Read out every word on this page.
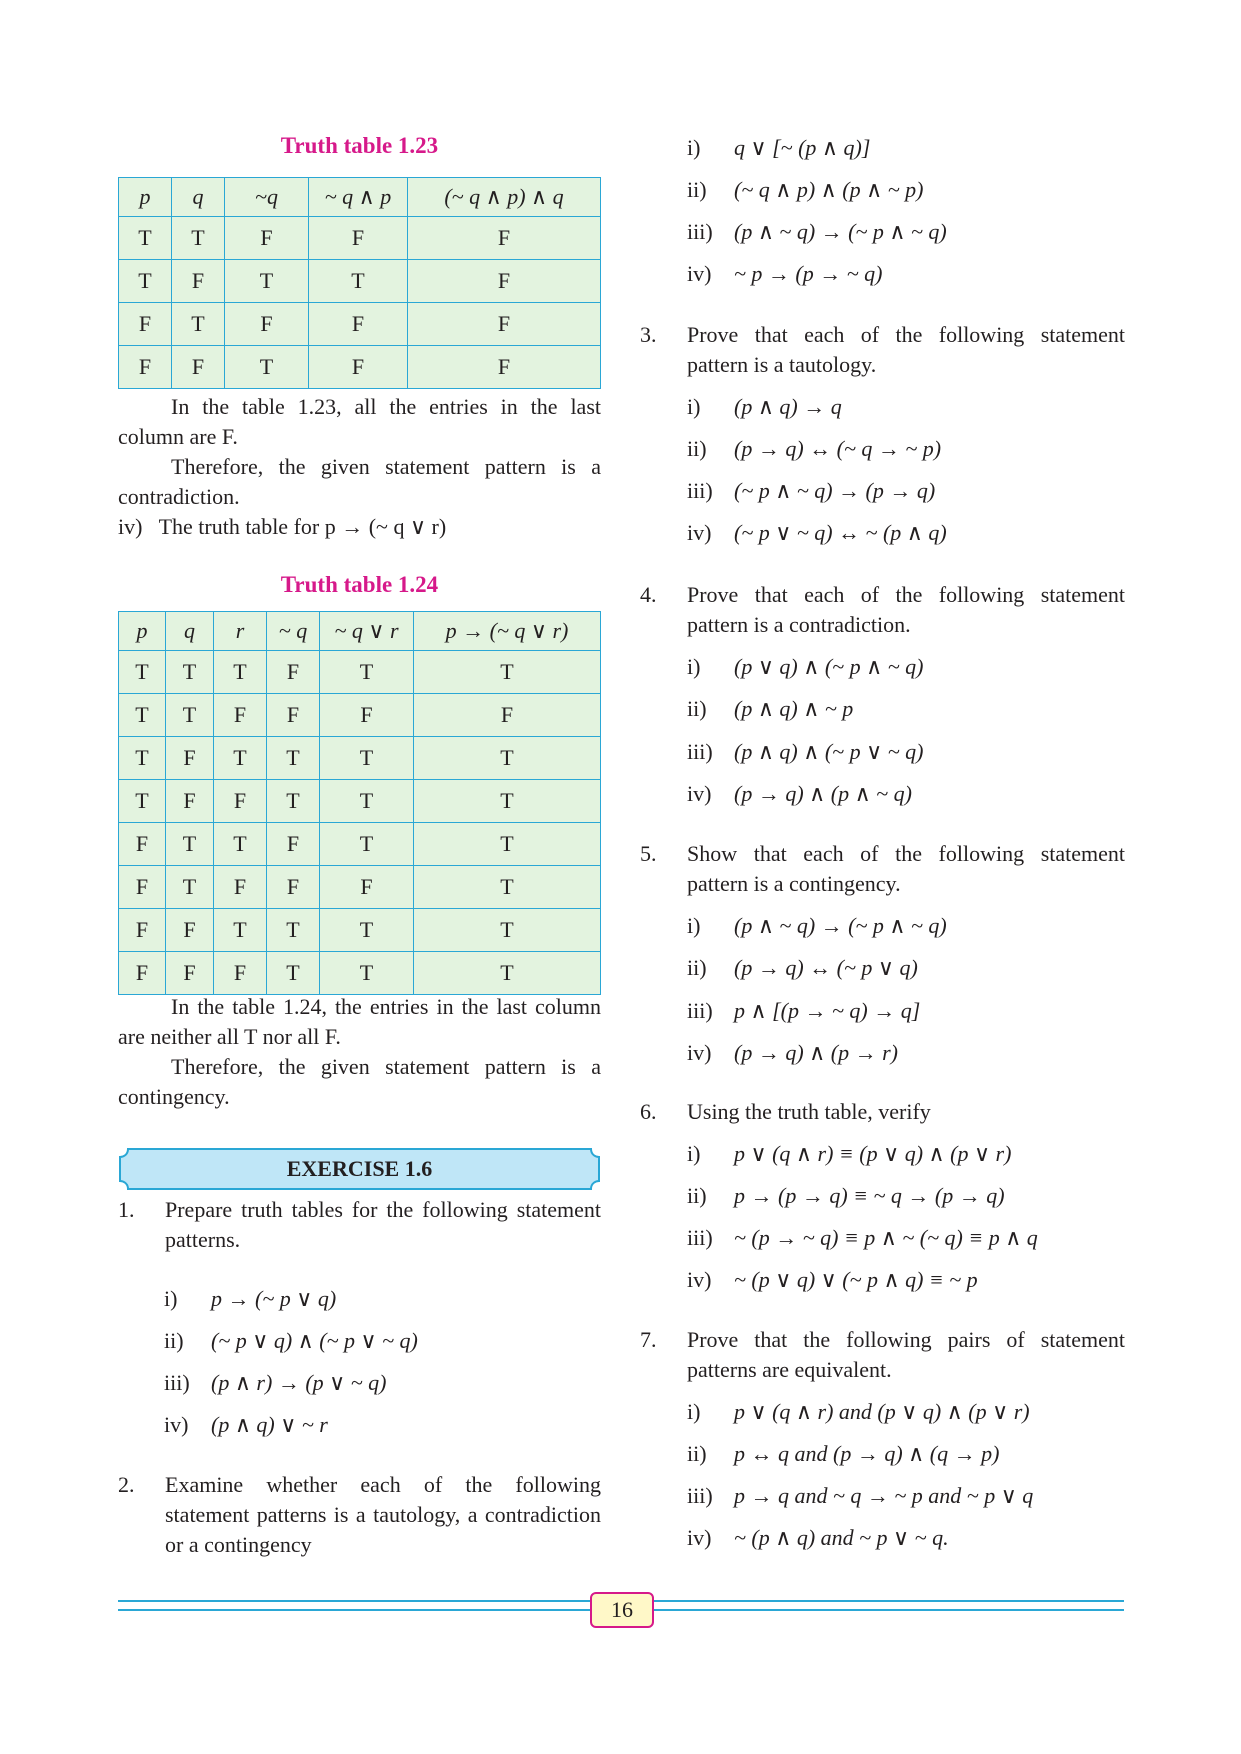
Truth table 1.23
p	q	~q	~ q ∧ p	(~ q ∧ p) ∧ q
T	T	F	F	F
T	F	T	T	F
F	T	F	F	F
F	F	T	F	F
In the table 1.23, all the entries in the last column are F.
Therefore, the given statement pattern is a contradiction.
iv) The truth table for p → (~ q ∨ r)
Truth table 1.24
p	q	r	~ q	~ q ∨ r	p → (~ q ∨ r)
T	T	T	F	T	T
T	T	F	F	F	F
T	F	T	T	T	T
T	F	F	T	T	T
F	T	T	F	T	T
F	T	F	F	F	T
F	F	T	T	T	T
F	F	F	T	T	T
In the table 1.24, the entries in the last column are neither all T nor all F.
Therefore, the given statement pattern is a contingency.
EXERCISE 1.6
1. Prepare truth tables for the following statement patterns.
i) p → (~ p ∨ q)
ii) (~ p ∨ q) ∧ (~ p ∨ ~ q)
iii) (p ∧ r) → (p ∨ ~ q)
iv) (p ∧ q) ∨ ~ r
2. Examine whether each of the following statement patterns is a tautology, a contradiction or a contingency
i) q ∨ [~ (p ∧ q)]
ii) (~ q ∧ p) ∧ (p ∧ ~ p)
iii) (p ∧ ~ q) → (~ p ∧ ~ q)
iv) ~ p → (p → ~ q)
3. Prove that each of the following statement pattern is a tautology.
i) (p ∧ q) → q
ii) (p → q) ↔ (~ q → ~ p)
iii) (~ p ∧ ~ q) → (p → q)
iv) (~ p ∨ ~ q) ↔ ~ (p ∧ q)
4. Prove that each of the following statement pattern is a contradiction.
i) (p ∨ q) ∧ (~ p ∧ ~ q)
ii) (p ∧ q) ∧ ~ p
iii) (p ∧ q) ∧ (~ p ∨ ~ q)
iv) (p → q) ∧ (p ∧ ~ q)
5. Show that each of the following statement pattern is a contingency.
i) (p ∧ ~ q) → (~ p ∧ ~ q)
ii) (p → q) ↔ (~ p ∨ q)
iii) p ∧ [(p → ~ q) → q]
iv) (p → q) ∧ (p → r)
6. Using the truth table, verify
i) p ∨ (q ∧ r) ≡ (p ∨ q) ∧ (p ∨ r)
ii) p → (p → q) ≡ ~ q → (p → q)
iii) ~ (p → ~ q) ≡ p ∧ ~ (~ q) ≡ p ∧ q
iv) ~ (p ∨ q) ∨ (~ p ∧ q) ≡ ~ p
7. Prove that the following pairs of statement patterns are equivalent.
i) p ∨ (q ∧ r) and (p ∨ q) ∧ (p ∨ r)
ii) p ↔ q and (p → q) ∧ (q → p)
iii) p → q and ~ q → ~ p and ~ p ∨ q
iv) ~ (p ∧ q) and ~ p ∨ ~ q.
16
